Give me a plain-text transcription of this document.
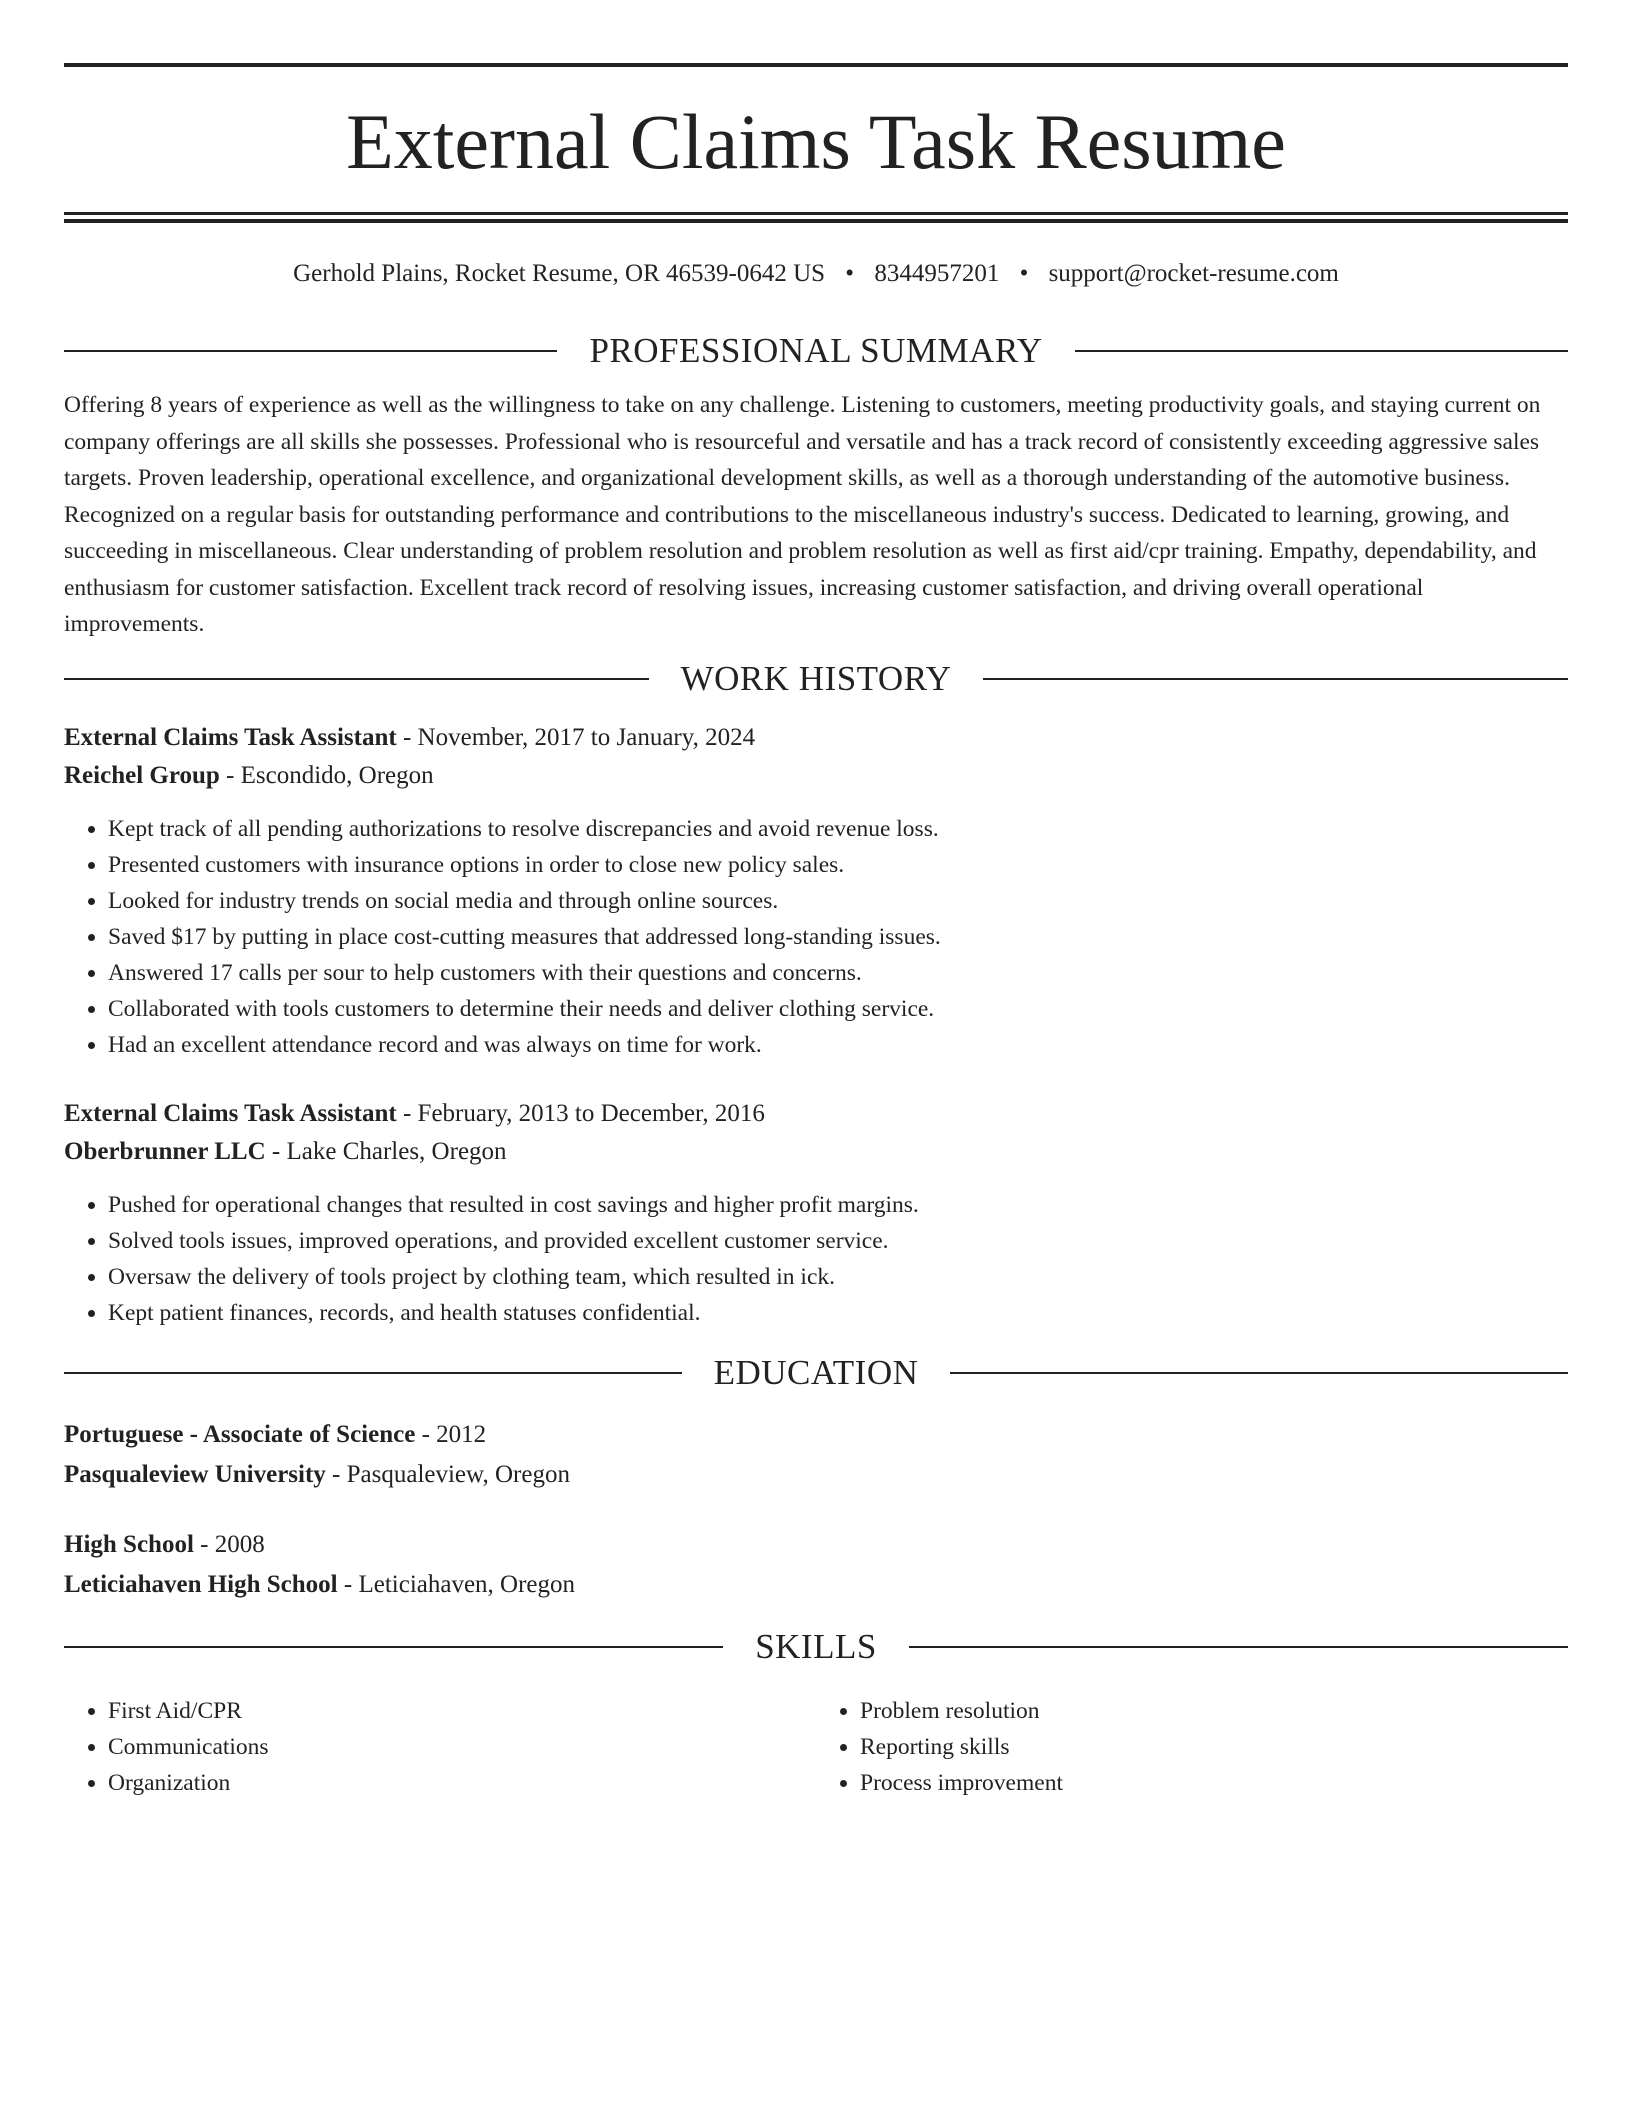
External Claims Task Resume
Gerhold Plains, Rocket Resume, OR 46539-0642 US • 8344957201 • support@rocket-resume.com
PROFESSIONAL SUMMARY

Offering 8 years of experience as well as the willingness to take on any challenge. Listening to customers, meeting productivity goals, and staying current on company offerings are all skills she possesses. Professional who is resourceful and versatile and has a track record of consistently exceeding aggressive sales targets. Proven leadership, operational excellence, and organizational development skills, as well as a thorough understanding of the automotive business. Recognized on a regular basis for outstanding performance and contributions to the miscellaneous industry's success. Dedicated to learning, growing, and succeeding in miscellaneous. Clear understanding of problem resolution and problem resolution as well as first aid/cpr training. Empathy, dependability, and enthusiasm for customer satisfaction. Excellent track record of resolving issues, increasing customer satisfaction, and driving overall operational improvements.

WORK HISTORY
External Claims Task Assistant - November, 2017 to January, 2024
Reichel Group - Escondido, Oregon
• Kept track of all pending authorizations to resolve discrepancies and avoid revenue loss.
• Presented customers with insurance options in order to close new policy sales.
• Looked for industry trends on social media and through online sources.
• Saved $17 by putting in place cost-cutting measures that addressed long-standing issues.
• Answered 17 calls per sour to help customers with their questions and concerns.
• Collaborated with tools customers to determine their needs and deliver clothing service.
• Had an excellent attendance record and was always on time for work.
External Claims Task Assistant - February, 2013 to December, 2016
Oberbrunner LLC - Lake Charles, Oregon
• Pushed for operational changes that resulted in cost savings and higher profit margins.
• Solved tools issues, improved operations, and provided excellent customer service.
• Oversaw the delivery of tools project by clothing team, which resulted in ick.
• Kept patient finances, records, and health statuses confidential.
EDUCATION
Portuguese - Associate of Science - 2012
Pasqualeview University - Pasqualeview, Oregon
High School - 2008
Leticiahaven High School - Leticiahaven, Oregon
SKILLS
• First Aid/CPR
• Communications
• Organization
• Problem resolution
• Reporting skills
• Process improvement
